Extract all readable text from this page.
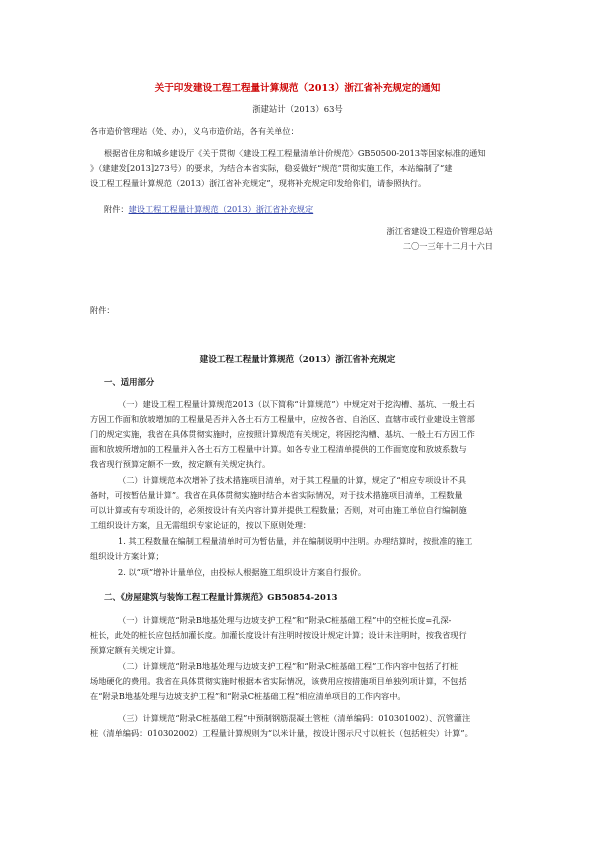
关于印发建设工程工程量计算规范（2013）浙江省补充规定的通知
浙建站计（2013）63号
各市造价管理站（处、办），义乌市造价站，各有关单位：
根据省住房和城乡建设厅《关于贯彻〈建设工程工程量清单计价规范〉GB50500-2013等国家标准的通知
》（建建发[2013]273号）的要求，为结合本省实际，稳妥做好“规范”贯彻实施工作，本站编制了“建
设工程工程量计算规范（2013）浙江省补充规定”，现将补充规定印发给你们，请参照执行。
附件：建设工程工程量计算规范（2013）浙江省补充规定
浙江省建设工程造价管理总站
二〇一三年十二月十六日
附件：
建设工程工程量计算规范（2013）浙江省补充规定
一、适用部分
（一）建设工程工程量计算规范2013（以下简称“计算规范”）中规定对于挖沟槽、基坑、一般土石
方因工作面和放坡增加的工程量是否并入各土石方工程量中，应按各省、自治区、直辖市或行业建设主管部
门的规定实施，我省在具体贯彻实施时，应按照计算规范有关规定，将因挖沟槽、基坑、一般土石方因工作
面和放坡所增加的工程量并入各土石方工程量中计算。如各专业工程清单提供的工作面宽度和放坡系数与
我省现行预算定额不一致，按定额有关规定执行。
（二）计算规范本次增补了技术措施项目清单，对于其工程量的计算，规定了“相应专项设计不具
备时，可按暂估量计算”。我省在具体贯彻实施时结合本省实际情况，对于技术措施项目清单，工程数量
可以计算或有专项设计的，必须按设计有关内容计算并提供工程数量；否则，对可由施工单位自行编制施
工组织设计方案，且无需组织专家论证的，按以下原则处理：
1. 其工程数量在编制工程量清单时可为暂估量，并在编制说明中注明。办理结算时，按批准的施工
组织设计方案计算；
2. 以“项”增补计量单位，由投标人根据施工组织设计方案自行报价。
二、《房屋建筑与装饰工程工程量计算规范》GB50854-2013
（一）计算规范“附录B地基处理与边坡支护工程”和“附录C桩基础工程”中的空桩长度=孔深-
桩长，此处的桩长应包括加灌长度。加灌长度设计有注明时按设计规定计算；设计未注明时，按我省现行
预算定额有关规定计算。
（二）计算规范“附录B地基处理与边坡支护工程”和“附录C桩基础工程”工作内容中包括了打桩
场地硬化的费用。我省在具体贯彻实施时根据本省实际情况，该费用应按措施项目单独列项计算，不包括
在“附录B地基处理与边坡支护工程”和“附录C桩基础工程”相应清单项目的工作内容中。
（三）计算规范“附录C桩基础工程”中预制钢筋混凝土管桩（清单编码：010301002）、沉管灌注
桩（清单编码：010302002）工程量计算规则为“以米计量，按设计图示尺寸以桩长（包括桩尖）计算”。
